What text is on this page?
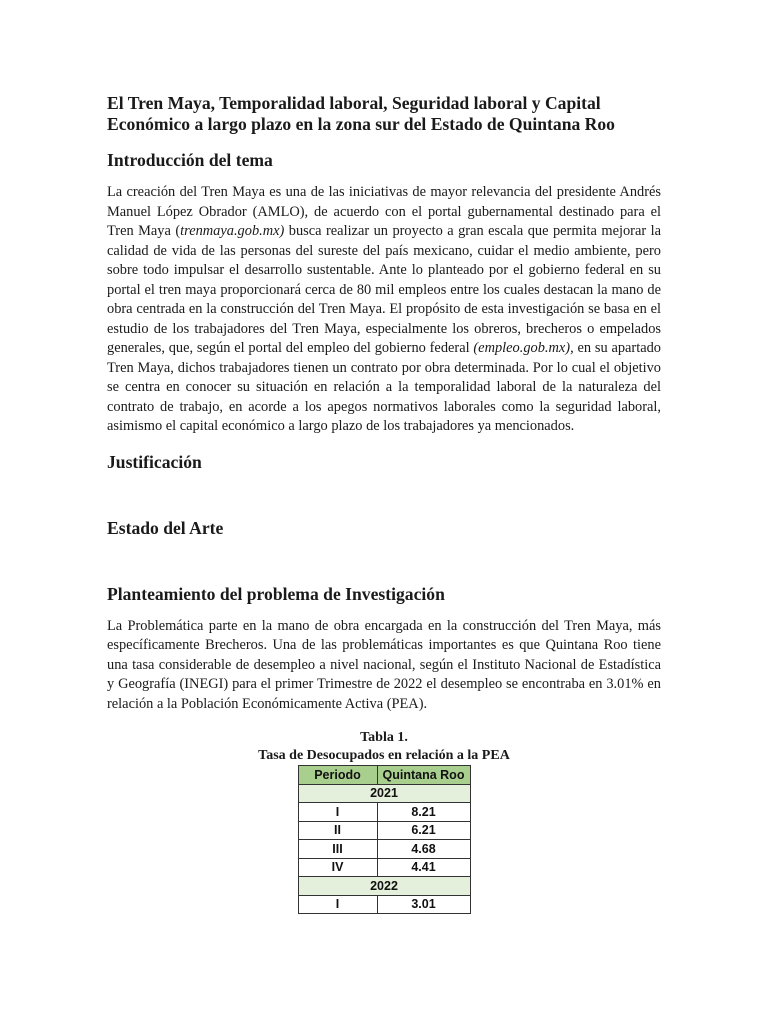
El Tren Maya, Temporalidad laboral, Seguridad laboral y Capital Económico a largo plazo en la zona sur del Estado de Quintana Roo
Introducción del tema

La creación del Tren Maya es una de las iniciativas de mayor relevancia del presidente Andrés Manuel López Obrador (AMLO), de acuerdo con el portal gubernamental destinado para el Tren Maya (trenmaya.gob.mx) busca realizar un proyecto a gran escala que permita mejorar la calidad de vida de las personas del sureste del país mexicano, cuidar el medio ambiente, pero sobre todo impulsar el desarrollo sustentable. Ante lo planteado por el gobierno federal en su portal el tren maya proporcionará cerca de 80 mil empleos entre los cuales destacan la mano de obra centrada en la construcción del Tren Maya. El propósito de esta investigación se basa en el estudio de los trabajadores del Tren Maya, especialmente los obreros, brecheros o empelados generales, que, según el portal del empleo del gobierno federal (empleo.gob.mx), en su apartado Tren Maya, dichos trabajadores tienen un contrato por obra determinada. Por lo cual el objetivo se centra en conocer su situación en relación a la temporalidad laboral de la naturaleza del contrato de trabajo, en acorde a los apegos normativos laborales como la seguridad laboral, asimismo el capital económico a largo plazo de los trabajadores ya mencionados.

Justificación
Estado del Arte
Planteamiento del problema de Investigación

La Problemática parte en la mano de obra encargada en la construcción del Tren Maya, más específicamente Brecheros. Una de las problemáticas importantes es que Quintana Roo tiene una tasa considerable de desempleo a nivel nacional, según el Instituto Nacional de Estadística y Geografía (INEGI) para el primer Trimestre de 2022 el desempleo se encontraba en 3.01% en relación a la Población Económicamente Activa (PEA).

Tabla 1.

Tasa de Desocupados en relación a la PEA

Periodo	Quintana Roo
2021	
I	8.21
II	6.21
III	4.68
IV	4.41
2022	
I	3.01
